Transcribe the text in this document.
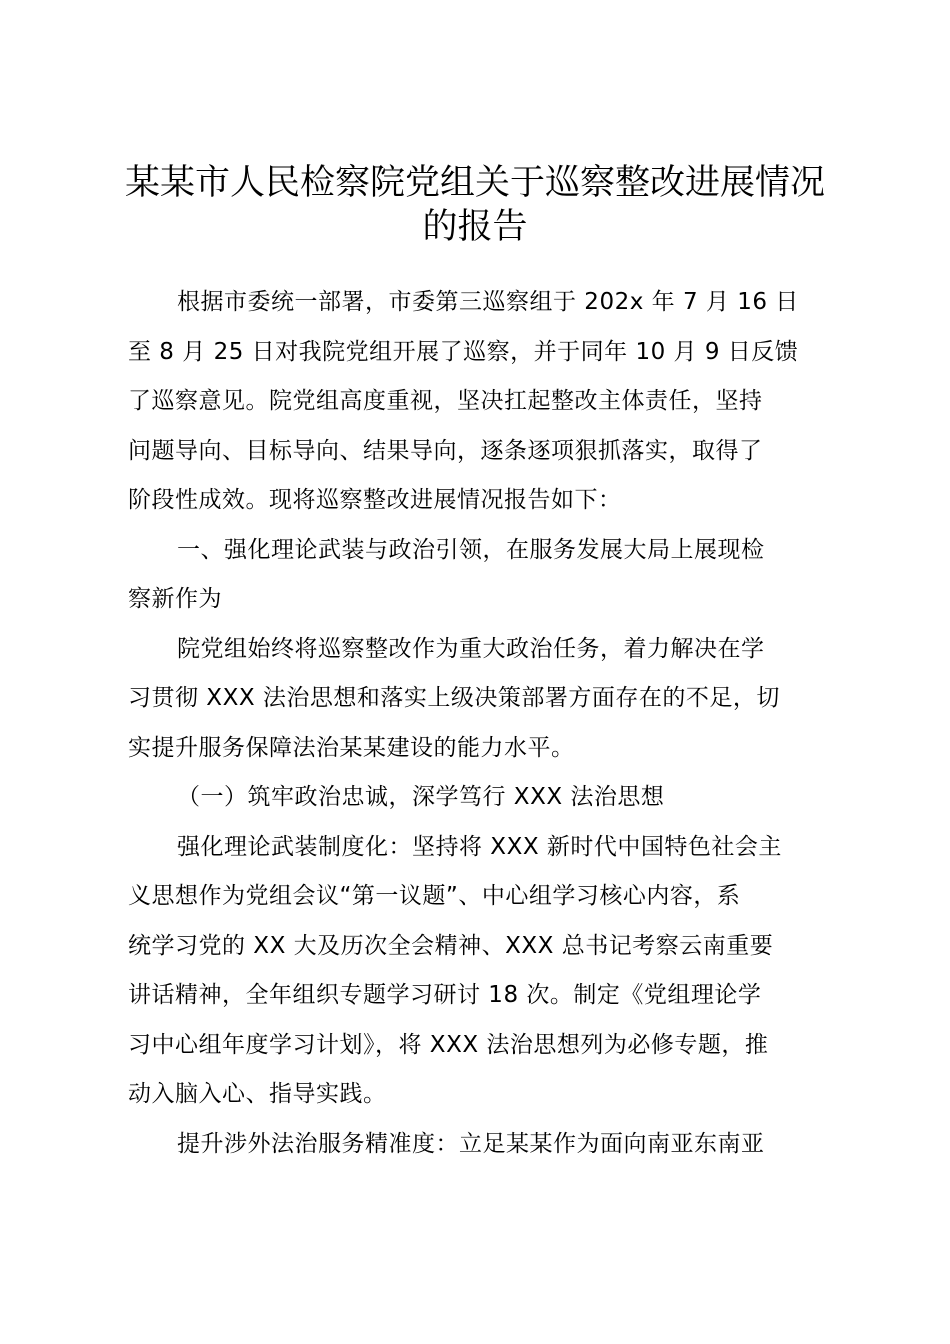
某某市人民检察院党组关于巡察整改进展情况
的报告
根据市委统一部署，市委第三巡察组于 202x 年 7 月 16 日
至 8 月 25 日对我院党组开展了巡察，并于同年 10 月 9 日反馈
了巡察意见。院党组高度重视，坚决扛起整改主体责任，坚持
问题导向、目标导向、结果导向，逐条逐项狠抓落实，取得了
阶段性成效。现将巡察整改进展情况报告如下：
一、强化理论武装与政治引领，在服务发展大局上展现检
察新作为
院党组始终将巡察整改作为重大政治任务，着力解决在学
习贯彻 XXX 法治思想和落实上级决策部署方面存在的不足，切
实提升服务保障法治某某建设的能力水平。
（一）筑牢政治忠诚，深学笃行 XXX 法治思想
强化理论武装制度化：坚持将 XXX 新时代中国特色社会主
义思想作为党组会议“第一议题”、中心组学习核心内容，系
统学习党的 XX 大及历次全会精神、XXX 总书记考察云南重要
讲话精神，全年组织专题学习研讨 18 次。制定《党组理论学
习中心组年度学习计划》，将 XXX 法治思想列为必修专题，推
动入脑入心、指导实践。
提升涉外法治服务精准度：立足某某作为面向南亚东南亚
